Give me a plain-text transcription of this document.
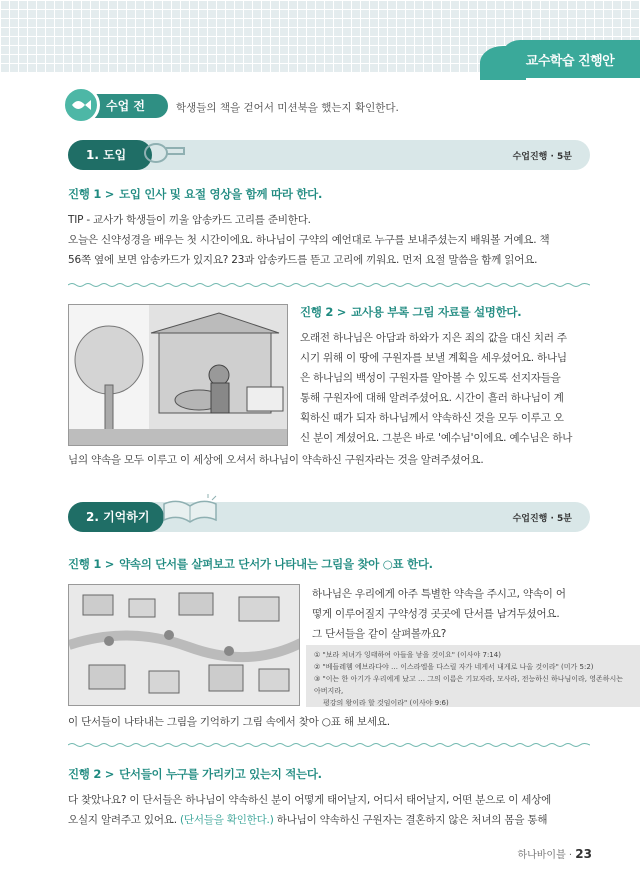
교수학습 진행안
수업 전	학생들의 책을 걷어서 미션북을 했는지 확인한다.
1. 도입	수업진행 · 5분
진행 1 > 도입 인사 및 요절 영상을 함께 따라 한다.
TIP - 교사가 학생들이 끼울 암송카드 고리를 준비한다.
오늘은 신약성경을 배우는 첫 시간이에요. 하나님이 구약의 예언대로 누구를 보내주셨는지 배워볼 거예요. 책
56쪽 옆에 보면 암송카드가 있지요? 23과 암송카드를 뜯고 고리에 끼워요. 먼저 요절 말씀을 함께 읽어요.
진행 2 > 교사용 부록 그림 자료를 설명한다.
오래전 하나님은 아담과 하와가 지은 죄의 값을 대신 치러 주
시기 위해 이 땅에 구원자를 보낼 계획을 세우셨어요. 하나님
은 하나님의 백성이 구원자를 알아볼 수 있도록 선지자들을
통해 구원자에 대해 알려주셨어요. 시간이 흘러 하나님이 계
획하신 때가 되자 하나님께서 약속하신 것을 모두 이루고 오
신 분이 계셨어요. 그분은 바로 '예수님'이에요. 예수님은 하나
님의 약속을 모두 이루고 이 세상에 오셔서 하나님이 약속하신 구원자라는 것을 알려주셨어요.
2. 기억하기	수업진행 · 5분
진행 1 > 약속의 단서를 살펴보고 단서가 나타내는 그림을 찾아 ○표 한다.
하나님은 우리에게 아주 특별한 약속을 주시고, 약속이 어
떻게 이루어질지 구약성경 곳곳에 단서를 남겨두셨어요.
그 단서들을 같이 살펴볼까요?
① "보라 처녀가 잉태하여 아들을 낳을 것이요" (이사야 7:14)
② "베들레헴 에브라다야 … 이스라엘을 다스릴 자가 네게서 내게로 나올 것이라" (미가 5:2)
③ "이는 한 아기가 우리에게 났고 … 그의 이름은 기묘자라, 모사라, 전능하신 하나님이라, 영존하시는 아버지라,
평강의 왕이라 할 것임이라" (이사야 9:6)
이 단서들이 나타내는 그림을 기억하기 그림 속에서 찾아 ○표 해 보세요.
진행 2 > 단서들이 누구를 가리키고 있는지 적는다.
다 찾았나요? 이 단서들은 하나님이 약속하신 분이 어떻게 태어날지, 어디서 태어날지, 어떤 분으로 이 세상에
오실지 알려주고 있어요. (단서들을 확인한다.) 하나님이 약속하신 구원자는 결혼하지 않은 처녀의 몸을 통해
하나바이블 · 23
